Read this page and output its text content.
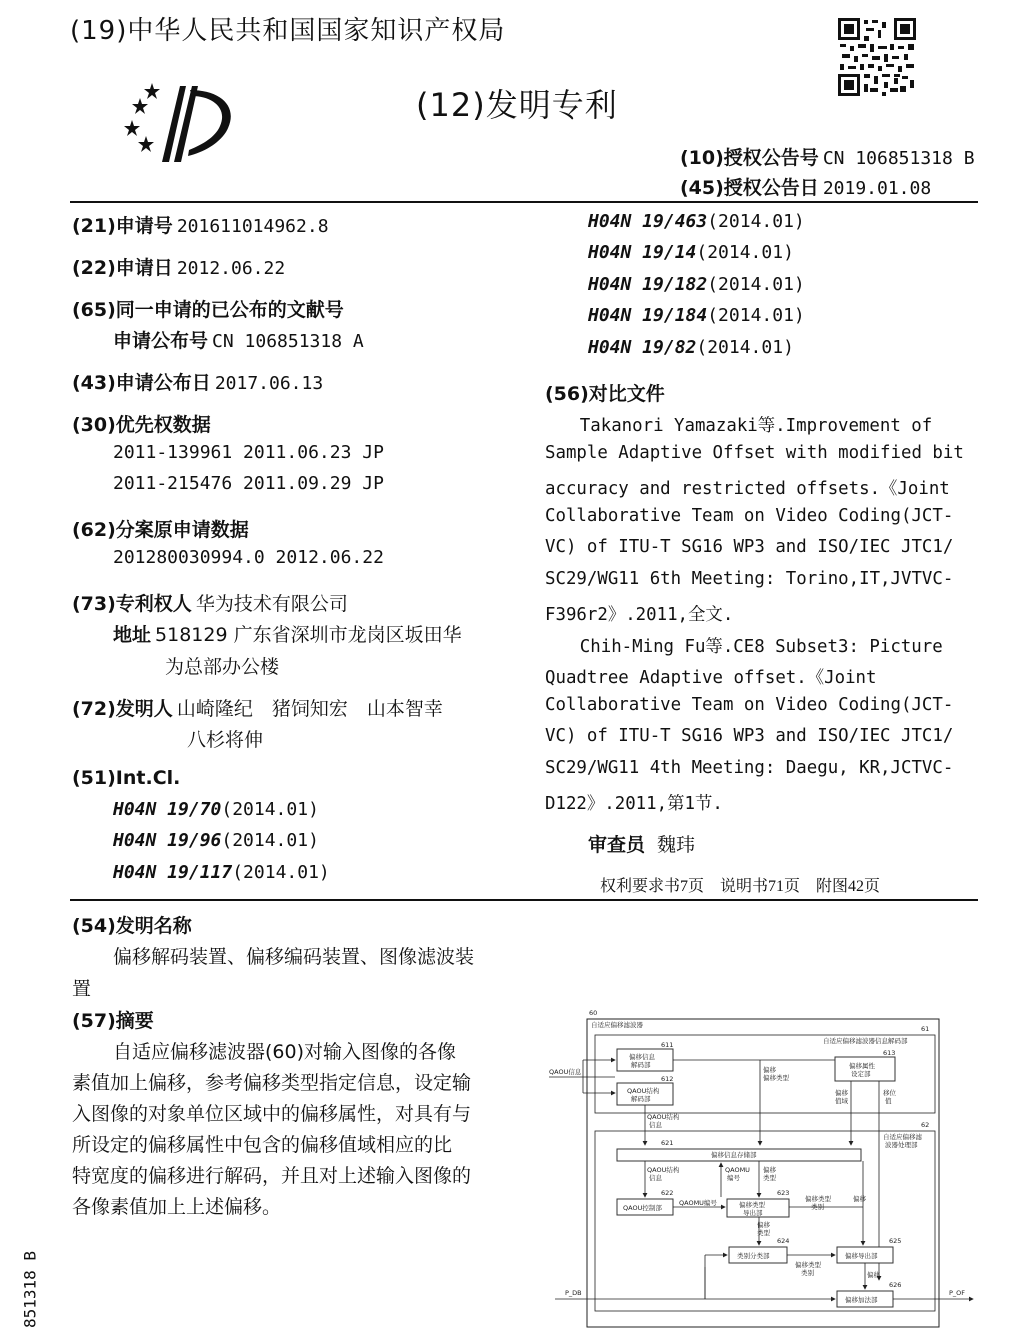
(19)中华人民共和国国家知识产权局
(12)发明专利
(10)授权公告号 CN 106851318 B
(45)授权公告日 2019.01.08
(21)申请号 201611014962.8
(22)申请日 2012.06.22
(65)同一申请的已公布的文献号
申请公布号 CN 106851318 A
(43)申请公布日 2017.06.13
(30)优先权数据
2011-139961 2011.06.23 JP
2011-215476 2011.09.29 JP
(62)分案原申请数据
201280030994.0 2012.06.22
(73)专利权人 华为技术有限公司
地址 518129 广东省深圳市龙岗区坂田华
为总部办公楼
(72)发明人 山崎隆纪　猪饲知宏　山本智幸
八杉将伸
(51)Int.Cl.
H04N 19/70(2014.01)
H04N 19/96(2014.01)
H04N 19/117(2014.01)
H04N 19/463(2014.01)
H04N 19/14(2014.01)
H04N 19/182(2014.01)
H04N 19/184(2014.01)
H04N 19/82(2014.01)
(56)对比文件
　　Takanori Yamazaki等.Improvement of
Sample Adaptive Offset with modified bit
accuracy and restricted offsets.《Joint
Collaborative Team on Video Coding(JCT-
VC) of ITU-T SG16 WP3 and ISO/IEC JTC1/
SC29/WG11 6th Meeting: Torino,IT,JVTVC-
F396r2》.2011,全文.
　　Chih-Ming Fu等.CE8 Subset3: Picture
Quadtree Adaptive offset.《Joint
Collaborative Team on Video Coding(JCT-
VC) of ITU-T SG16 WP3 and ISO/IEC JTC1/
SC29/WG11 4th Meeting: Daegu, KR,JCTVC-
D122》.2011,第1节.
审查员 魏玮
权利要求书7页　说明书71页　附图42页
(54)发明名称
偏移解码装置、偏移编码装置、图像滤波装
置
(57)摘要
自适应偏移滤波器(60)对输入图像的各像
素值加上偏移，参考偏移类型指定信息，设定输
入图像的对象单位区域中的偏移属性，对具有与
所设定的偏移属性中包含的偏移值域相应的比
特宽度的偏移进行解码，并且对上述输入图像的
各像素值加上上述偏移。
851318 B
60
自适应偏移滤波器	61
自适应偏移滤波器信息解码部
QAOU信息
611
偏移信息
解码部
612
QAOU结构
解码部
偏移
偏移类型
613
偏移属性
设定部
偏移
值域
移位
值
QAOU结构
信息	62
自适应偏移滤
波器处理部
621
偏移信息存储部
QAOU结构
信息
QAOMU
编号
偏移
类型
622
QAOU控制部
QAOMU编号
623
偏移类型
导出部
偏移类型
类别
偏移
偏移
类型
624
类别分类部
偏移类型
类别
625
偏移导出部
偏移
626
偏移加法部
P_DB	P_OF
